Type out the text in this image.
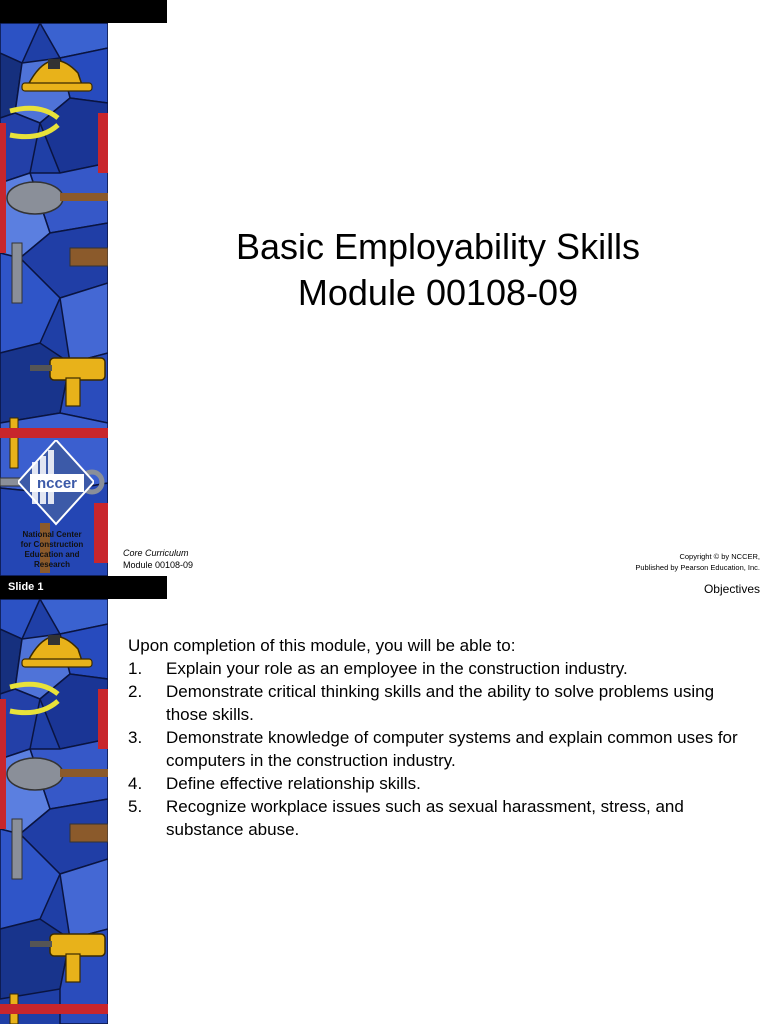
nccer
National Center
for Construction
Education and
Research
Basic Employability Skills
Module 00108-09
Core Curriculum
Module 00108-09
Copyright © by NCCER,
Published by Pearson Education, Inc.
Slide 1	Objectives
Upon completion of this module, you will be able to:
1. Explain your role as an employee in the construction industry.
2. Demonstrate critical thinking skills and the ability to solve problems using those skills.
3. Demonstrate knowledge of computer systems and explain common uses for computers in the construction industry.
4. Define effective relationship skills.
5. Recognize workplace issues such as sexual harassment, stress, and substance abuse.
